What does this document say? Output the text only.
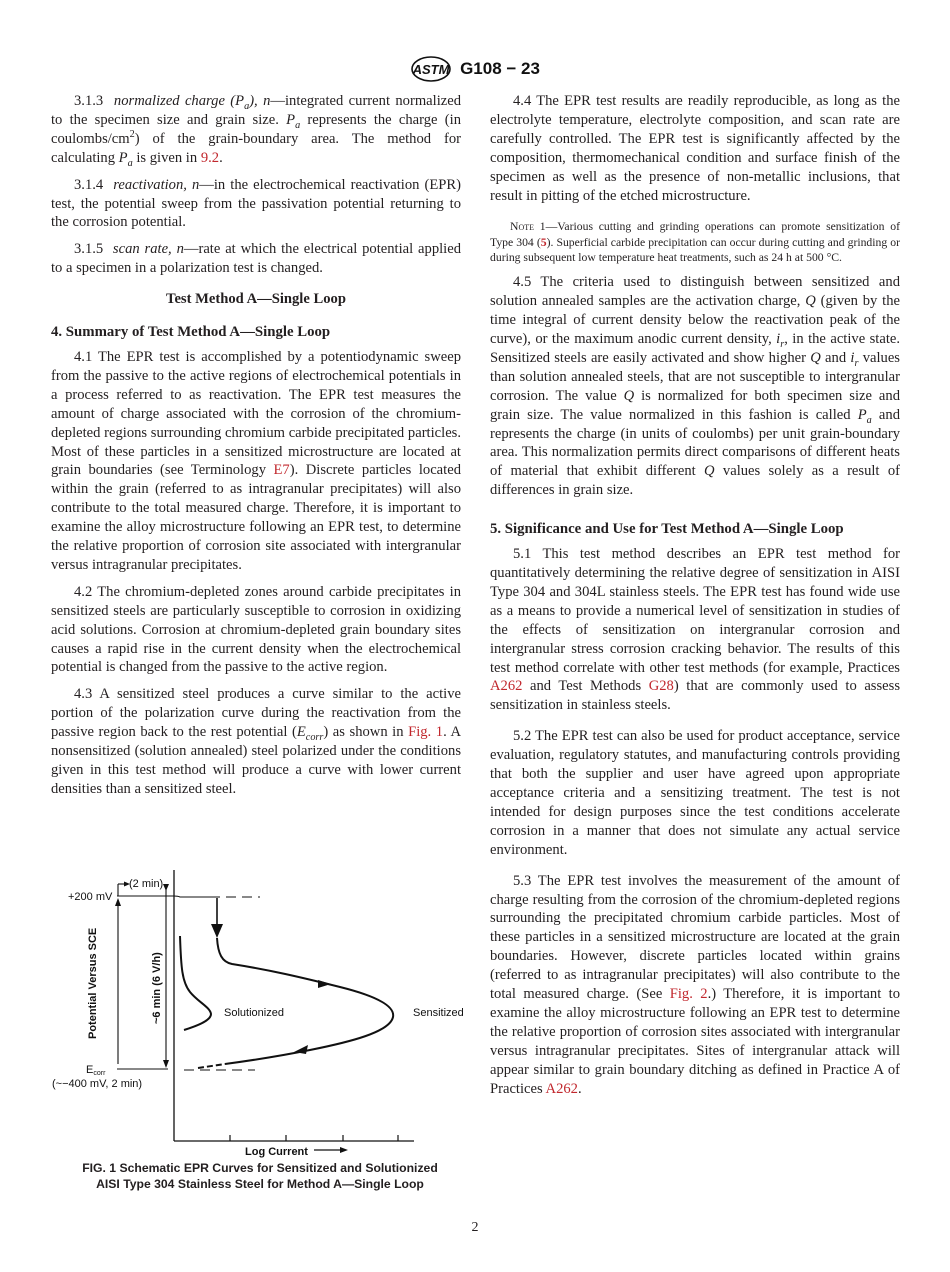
ASTM G108 − 23

3.1.3 normalized charge $(P_a)$, n—integrated current normalized to the specimen size and grain size. $P_a$ represents the charge (in coulombs/$cm^2$) of the grain-boundary area. The method for calculating $P_a$ is given in 9.2.

3.1.4 reactivation, n—in the electrochemical reactivation (EPR) test, the potential sweep from the passivation potential returning to the corrosion potential.

3.1.5 scan rate, n—rate at which the electrical potential applied to a specimen in a polarization test is changed.

Test Method A—Single Loop
4. Summary of Test Method A—Single Loop

4.1 The EPR test is accomplished by a potentiodynamic sweep from the passive to the active regions of electrochemical potentials in a process referred to as reactivation. The EPR test measures the amount of charge associated with the corrosion of the chromium-depleted regions surrounding chromium carbide precipitated particles. Most of these particles in a sensitized microstructure are located at grain boundaries (see Terminology E7). Discrete particles located within the grain (referred to as intragranular precipitates) will also contribute to the total measured charge. Therefore, it is important to examine the alloy microstructure following an EPR test, to determine the relative proportion of corrosion site associated with intergranular versus intragranular precipitates.

4.2 The chromium-depleted zones around carbide precipitates in sensitized steels are particularly susceptible to corrosion in oxidizing acid solutions. Corrosion at chromium-depleted grain boundary sites causes a rapid rise in the current density when the electrochemical potential is changed from the passive to the active region.

4.3 A sensitized steel produces a curve similar to the active portion of the polarization curve during the reactivation from the passive region back to the rest potential $(E_{corr})$ as shown in Fig. 1. A nonsensitized (solution annealed) steel polarized under the conditions given in this test method will produce a curve with lower current densities than a sensitized steel.

+200 mV
(2 min)
Potential Versus SCE	~6 min (6 V/h)
Ecorr
(~−400 mV, 2 min)
Solutionized	Sensitized
Log Current
FIG. 1 Schematic EPR Curves for Sensitized and Solutionized
AISI Type 304 Stainless Steel for Method A—Single Loop

4.4 The EPR test results are readily reproducible, as long as the electrolyte temperature, electrolyte composition, and scan rate are carefully controlled. The EPR test is significantly affected by the composition, thermomechanical condition and surface finish of the specimen as well as the presence of non-metallic inclusions, that result in pitting of the etched microstructure.

Note 1—Various cutting and grinding operations can promote sensitization of Type 304 (5). Superficial carbide precipitation can occur during cutting and grinding or during subsequent low temperature heat treatments, such as 24 h at 500 °C.

4.5 The criteria used to distinguish between sensitized and solution annealed samples are the activation charge, Q (given by the time integral of current density below the reactivation peak of the curve), or the maximum anodic current density, $i_r$, in the active state. Sensitized steels are easily activated and show higher Q and $i_r$ values than solution annealed steels, that are not susceptible to intergranular corrosion. The value Q is normalized for both specimen size and grain size. The value normalized in this fashion is called $P_a$ and represents the charge (in units of coulombs) per unit grain-boundary area. This normalization permits direct comparisons of different heats of material that exhibit different Q values solely as a result of differences in grain size.

5. Significance and Use for Test Method A—Single Loop

5.1 This test method describes an EPR test method for quantitatively determining the relative degree of sensitization in AISI Type 304 and 304L stainless steels. The EPR test has found wide use as a means to provide a numerical level of sensitization in studies of the effects of sensitization on intergranular corrosion and intergranular stress corrosion cracking behavior. The results of this test method correlate with other test methods (for example, Practices A262 and Test Methods G28) that are commonly used to assess sensitization in stainless steels.

5.2 The EPR test can also be used for product acceptance, service evaluation, regulatory statutes, and manufacturing controls providing that both the supplier and user have agreed upon appropriate acceptance criteria and a sensitizing treatment. The test is not intended for design purposes since the test conditions accelerate corrosion in a manner that does not simulate any actual service environment.

5.3 The EPR test involves the measurement of the amount of charge resulting from the corrosion of the chromium-depleted regions surrounding the precipitated chromium carbide particles. Most of these particles in a sensitized microstructure are located at the grain boundaries. However, discrete particles located within grains (referred to as intragranular precipitates) will also contribute to the total measured charge. (See Fig. 2.) Therefore, it is important to examine the alloy microstructure following an EPR test to determine the relative proportion of corrosion sites associated with intergranular versus intragranular precipitates. Sites of intergranular attack will appear similar to grain boundary ditching as defined in Practice A of Practices A262.

2
